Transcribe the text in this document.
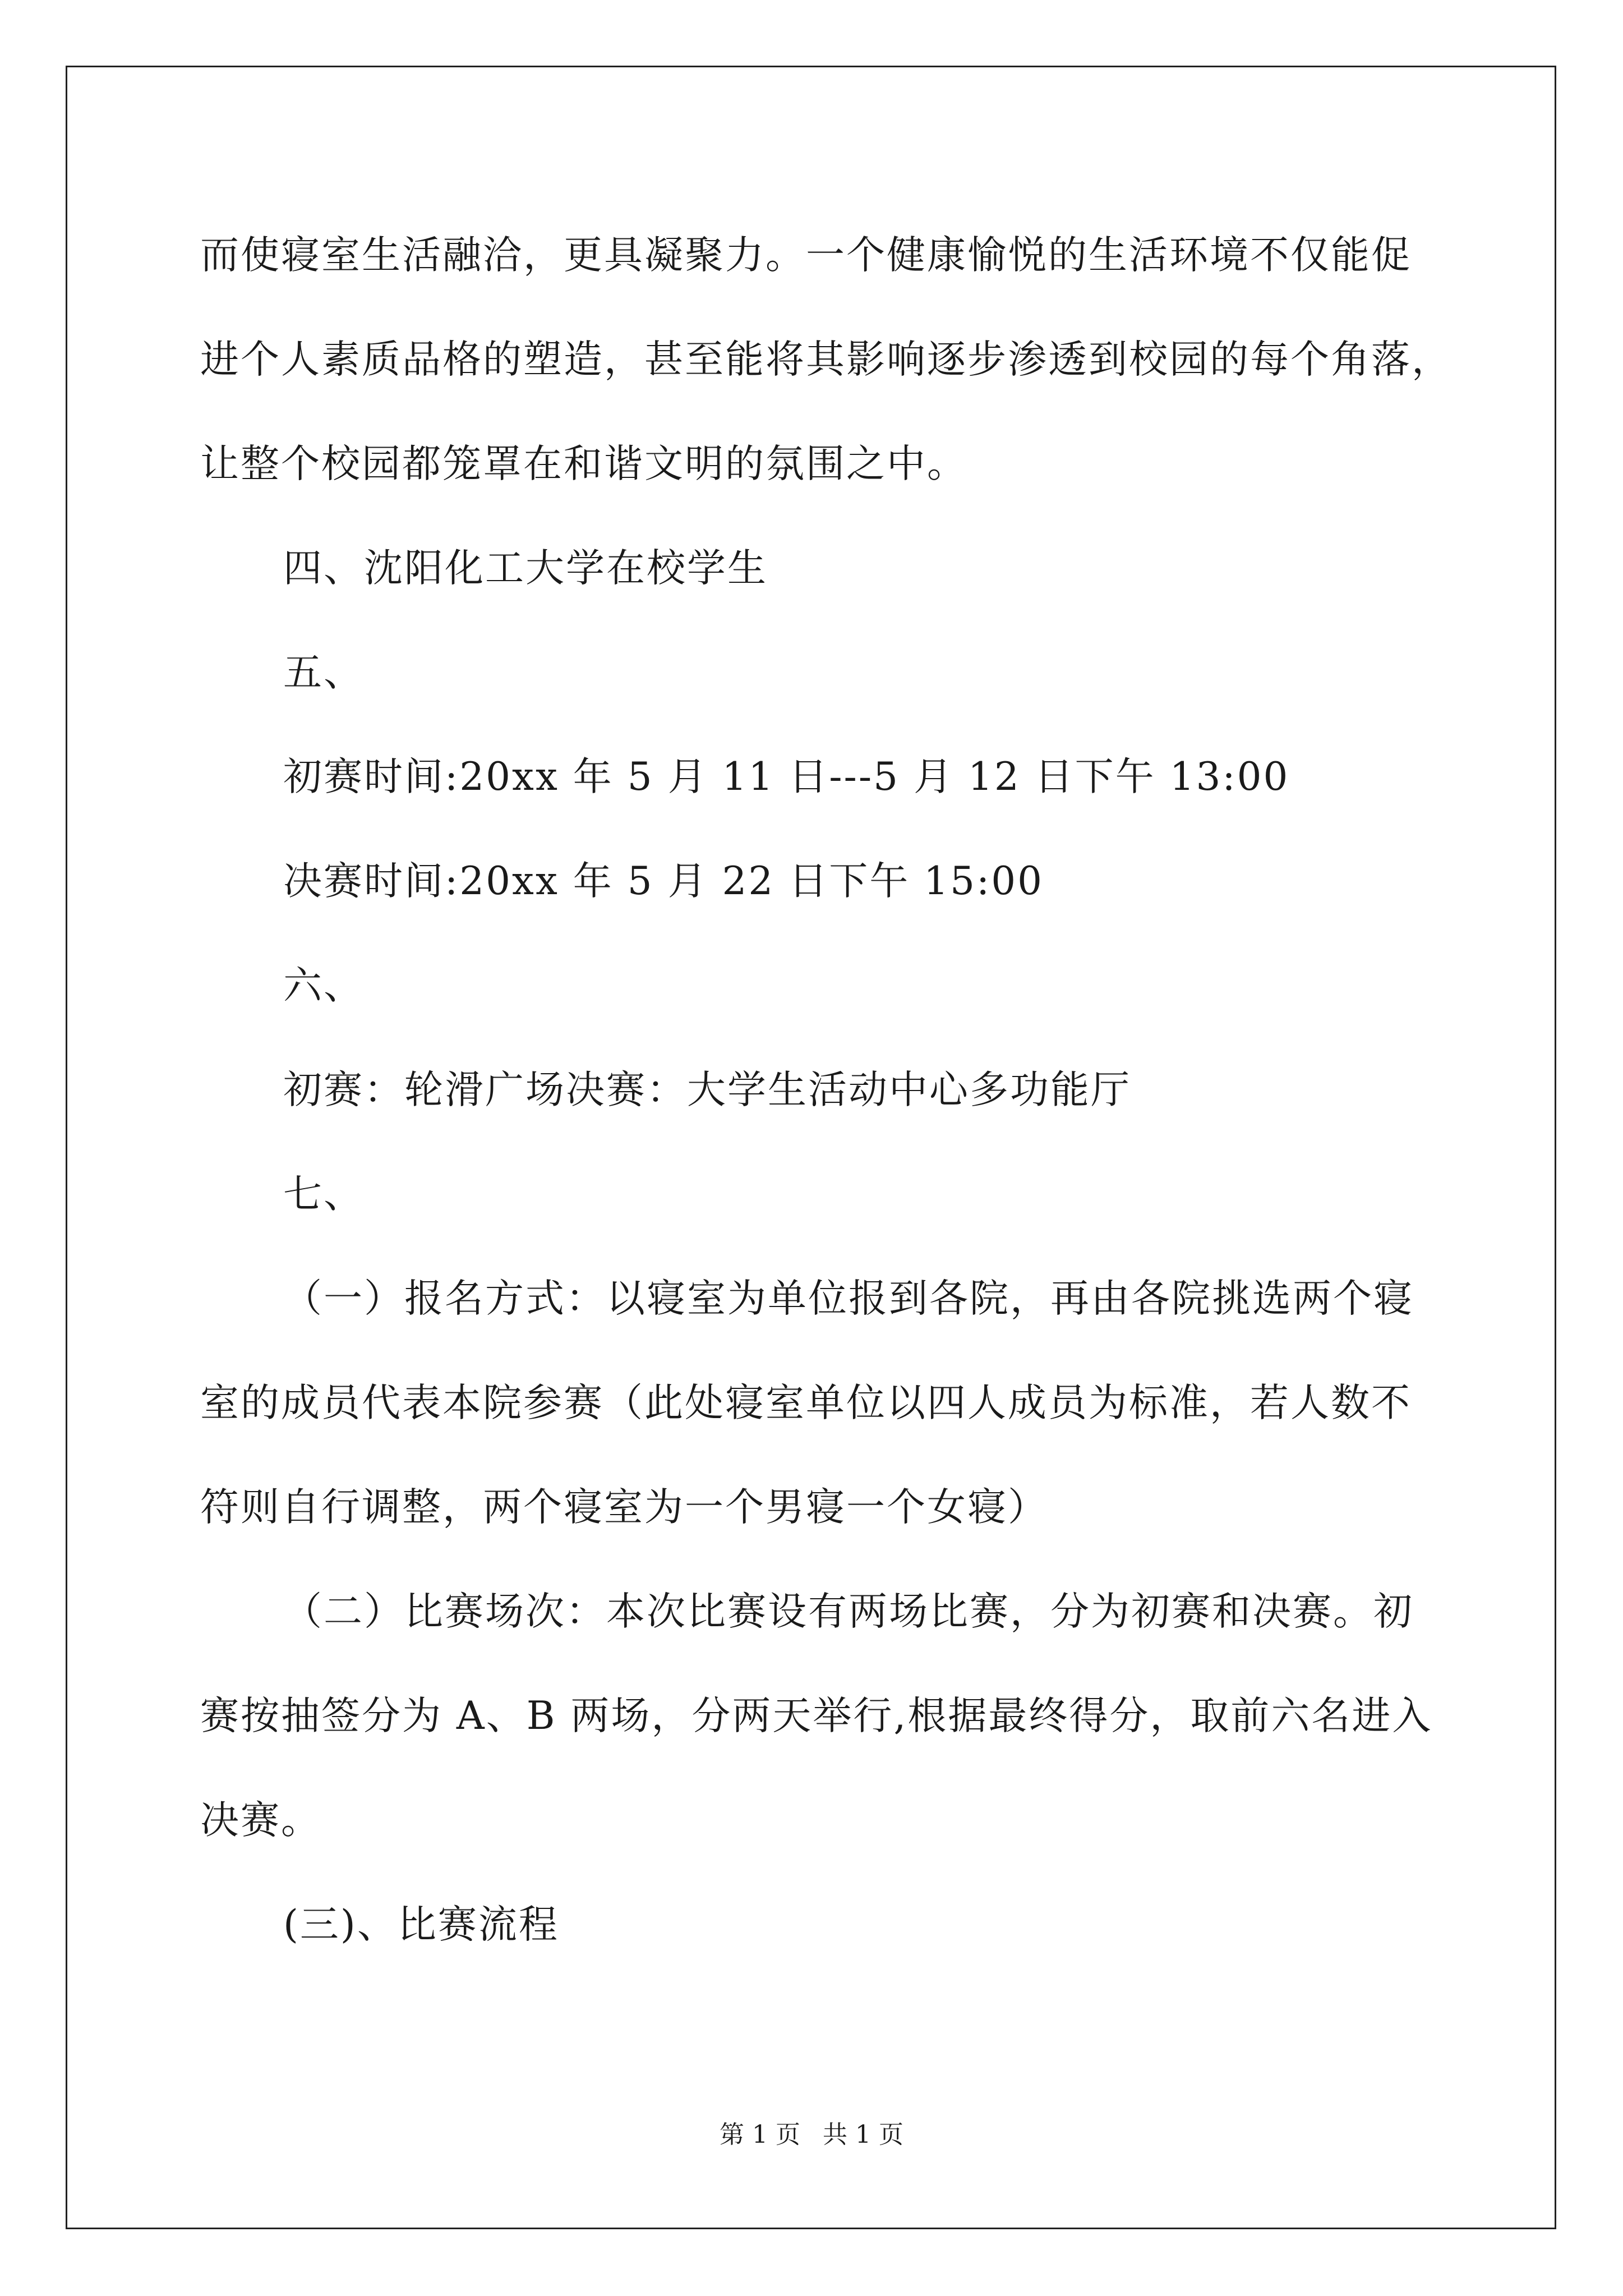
而使寝室生活融洽，更具凝聚力。一个健康愉悦的生活环境不仅能促
进个人素质品格的塑造，甚至能将其影响逐步渗透到校园的每个角落，
让整个校园都笼罩在和谐文明的氛围之中。
四、沈阳化工大学在校学生
五、
初赛时间:20xx 年 5 月 11 日---5 月 12 日下午 13:00
决赛时间:20xx 年 5 月 22 日下午 15:00
六、
初赛：轮滑广场决赛：大学生活动中心多功能厅
七、
（一）报名方式：以寝室为单位报到各院，再由各院挑选两个寝
室的成员代表本院参赛（此处寝室单位以四人成员为标准，若人数不
符则自行调整，两个寝室为一个男寝一个女寝）
（二）比赛场次：本次比赛设有两场比赛，分为初赛和决赛。初
赛按抽签分为 A、B 两场，分两天举行,根据最终得分，取前六名进入
决赛。
(三)、比赛流程
第 1 页 共 1 页
